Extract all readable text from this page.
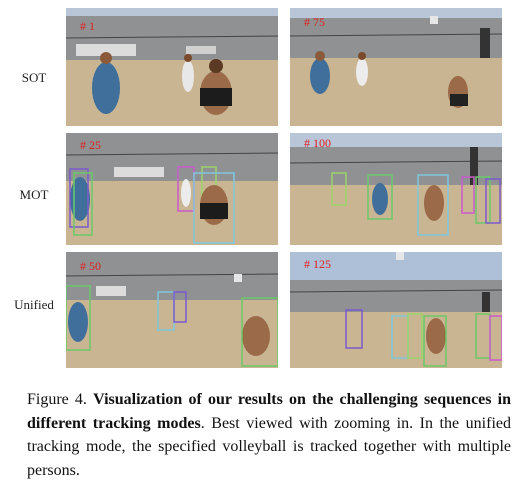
SOT
MOT
Unified
# 1	# 75
# 25	# 100
# 50	# 125
Figure 4. Visualization of our results on the challenging sequences in different tracking modes. Best viewed with zooming in. In the unified tracking mode, the specified volleyball is tracked together with multiple persons.
